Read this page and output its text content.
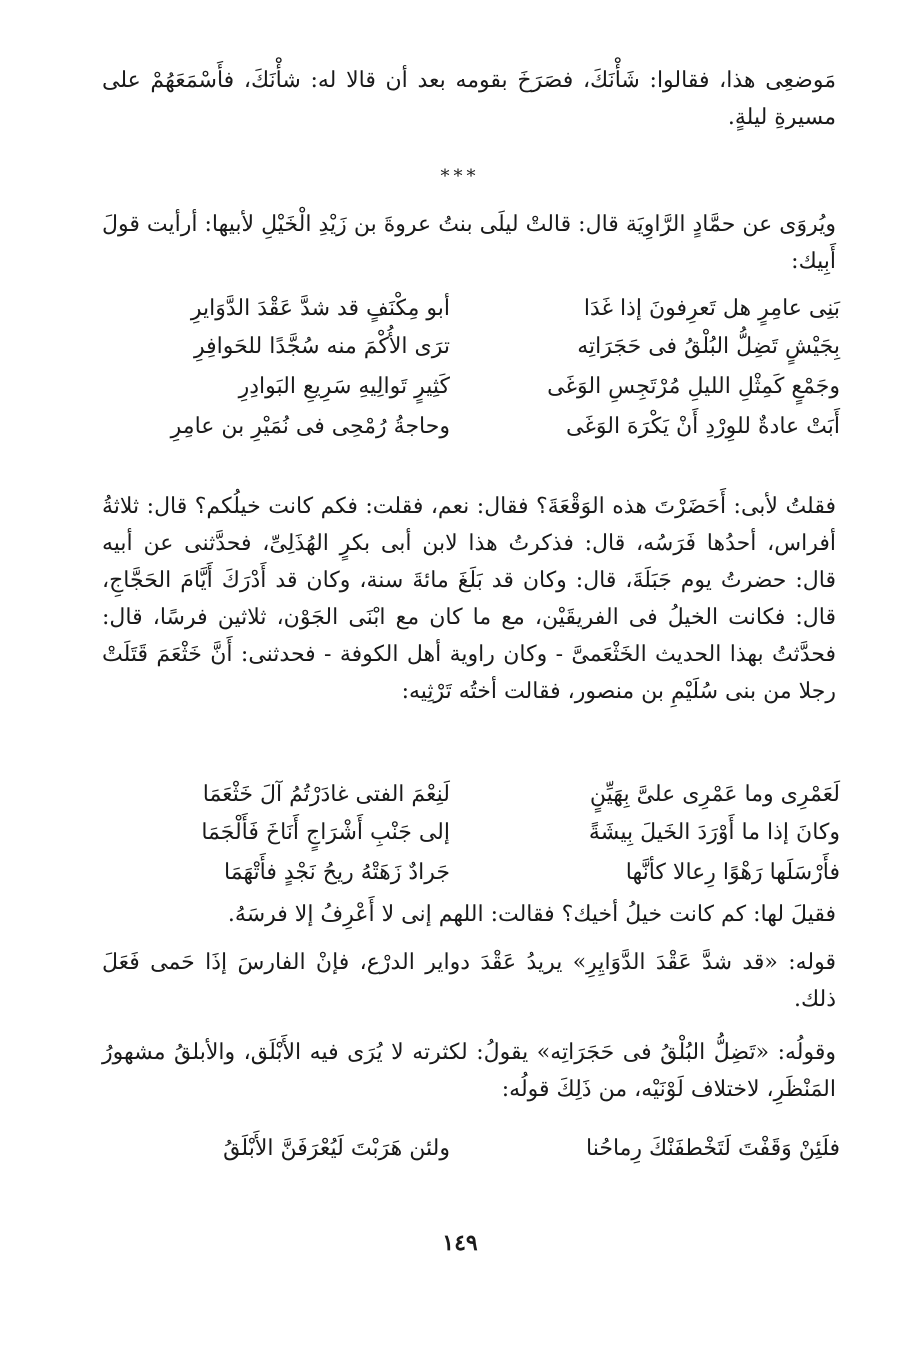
مَوضعِى هذا، فقالوا: شَأْنَكَ، فصَرَخَ بقومه بعد أن قالا له: شأْنَكَ، فأَسْمَعَهُمْ على مسيرةِ ليلةٍ.

***

ويُروَى عن حمَّادٍ الرَّاوِيَة قال: قالتْ ليلَى بنتُ عروةَ بن زَيْدِ الْخَيْلِ لأبيها: أرأيت قولَ أَبِيك:

بَنِى عامِرٍ هل تَعرِفونَ إذا غَدَا
أبو مِكْنَفٍ قد شدَّ عَقْدَ الدَّوَايرِ
بِجَيْشٍ تَضِلُّ البُلْقُ فى حَجَرَاتِه
ترَى الأُكْمَ منه سُجَّدًا للحَوافِرِ
وجَمْعٍ كَمِثْلِ الليلِ مُرْتَجِسِ الوَغَى
كَثِيرٍ تَوالِيهِ سَرِيعِ البَوادِرِ
أَبَتْ عادةٌ للوِرْدِ أَنْ يَكْرَهَ الوَغَى
وحاجةُ رُمْحِى فى نُمَيْرِ بن عامِرِ

فقلتُ لأبى: أَحَضَرْتَ هذه الوَقْعَةَ؟ فقال: نعم، فقلت: فكم كانت خيلُكم؟ قال: ثلاثةُ أفراس، أحدُها فَرَسُه، قال: فذكرتُ هذا لابن أبى بكرٍ الهُذَلِىِّ، فحدَّثنى عن أبيه قال: حضرتُ يوم جَبَلَةَ، قال: وكان قد بَلَغَ مائةَ سنة، وكان قد أَدْرَكَ أَيَّامَ الحَجَّاجِ، قال: فكانت الخيلُ فى الفريقَيْن، مع ما كان مع ابْنَى الجَوْن، ثلاثين فرسًا، قال: فحدَّثتُ بهذا الحديث الخَثْعَمىَّ - وكان راوية أهل الكوفة - فحدثنى: أَنَّ خَثْعَمَ قَتَلَتْ رجلا من بنى سُلَيْمِ بن منصور، فقالت أختُه تَرْثِيه:

لَعَمْرِى وما عَمْرِى علىَّ بِهَيِّنٍ
لَنِعْمَ الفتى غادَرْتُمُ آلَ خَثْعَمَا
وكانَ إذا ما أَوْرَدَ الخَيلَ بِيشَةً
إلى جَنْبِ أَشْرَاجٍ أَنَاخَ فَأَلْجَمَا
فأَرْسَلَها رَهْوًا رِعالا كأنَّها
جَرادٌ زَهَتْهُ ريحُ نَجْدٍ فأَتْهَمَا

فقيلَ لها: كم كانت خيلُ أخيك؟ فقالت: اللهم إنى لا أَعْرِفُ إلا فرسَهُ.

قوله: «قد شدَّ عَقْدَ الدَّوَايِرِ» يريدُ عَقْدَ دواير الدرْع، فإنْ الفارسَ إذَا حَمى فَعَلَ ذلك.

وقولُه: «تَضِلُّ البُلْقُ فى حَجَرَاتِه» يقولُ: لكثرته لا يُرَى فيه الأَبْلَق، والأبلقُ مشهورُ المَنْظَرِ، لاختلاف لَوْنَيْه، من ذَلِكَ قولُه:

فلَئِنْ وَقَفْتَ لَتَخْطفَنْكَ رِماحُنا
ولئن هَرَبْتَ لَيُعْرَفَنَّ الأَبْلَقُ
١٤٩
